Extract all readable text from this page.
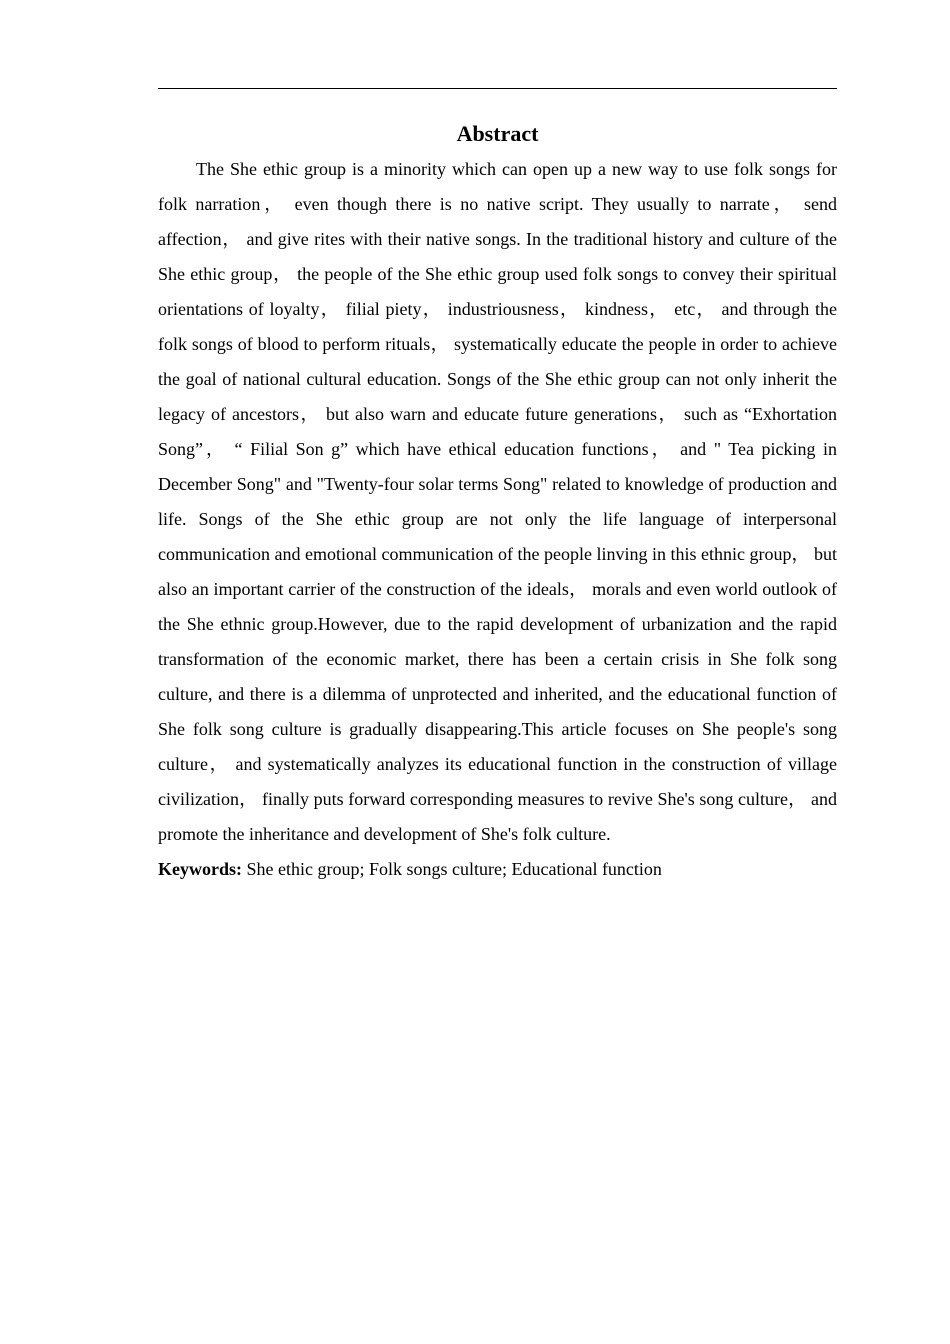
Abstract

The She ethic group is a minority which can open up a new way to use folk songs for folk narration， even though there is no native script. They usually to narrate， send affection， and give rites with their native songs. In the traditional history and culture of the She ethic group， the people of the She ethic group used folk songs to convey their spiritual orientations of loyalty， filial piety， industriousness， kindness， etc， and through the folk songs of blood to perform rituals， systematically educate the people in order to achieve the goal of national cultural education. Songs of the She ethic group can not only inherit the legacy of ancestors， but also warn and educate future generations， such as “Exhortation Song”， “ Filial Son g” which have ethical education functions， and " Tea picking in December Song" and "Twenty-four solar terms Song" related to knowledge of production and life. Songs of the She ethic group are not only the life language of interpersonal communication and emotional communication of the people linving in this ethnic group， but also an important carrier of the construction of the ideals， morals and even world outlook of the She ethnic group.However, due to the rapid development of urbanization and the rapid transformation of the economic market, there has been a certain crisis in She folk song culture, and there is a dilemma of unprotected and inherited, and the educational function of She folk song culture is gradually disappearing.This article focuses on She people's song culture， and systematically analyzes its educational function in the construction of village civilization， finally puts forward corresponding measures to revive She's song culture， and promote the inheritance and development of She's folk culture.

Keywords: She ethic group; Folk songs culture; Educational function
